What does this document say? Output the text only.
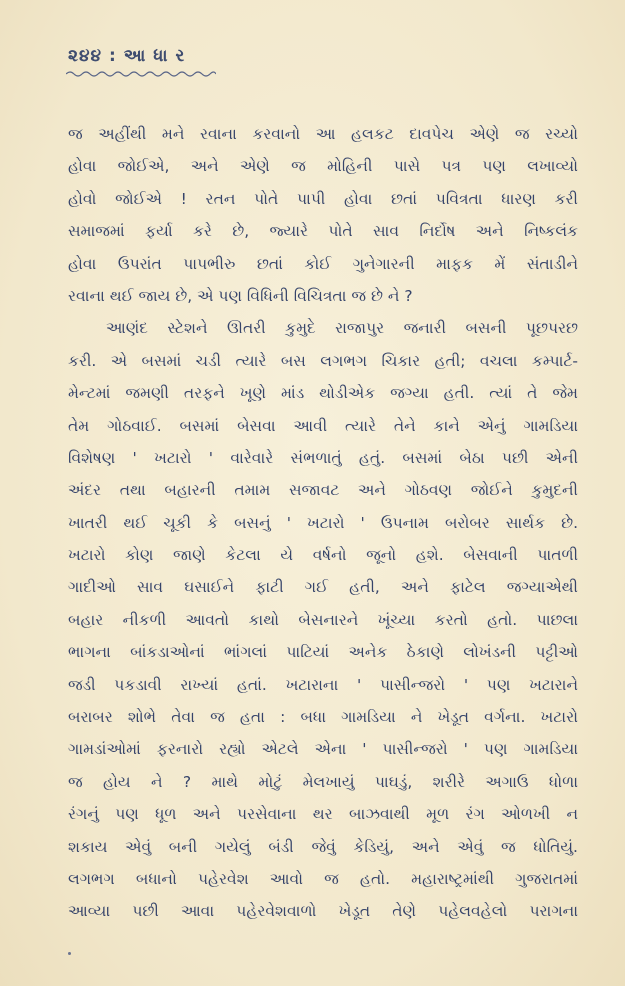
૨૪૪ : આ ધા ર
જ અહીંથી મને રવાના કરવાનો આ હલકટ દાવપેચ એણે જ રચ્યો
હોવા જોઈએ, અને એણે જ મોહિની પાસે પત્ર પણ લખાવ્યો
હોવો જોઈએ ! રતન પોતે પાપી હોવા છતાં પવિત્રતા ધારણ કરી
સમાજમાં ફર્યા કરે છે, જ્યારે પોતે સાવ નિર્દોષ અને નિષ્કલંક
હોવા ઉપરાંત પાપભીરુ છતાં કોઈ ગુનેગારની માફક મેં સંતાડીને
રવાના થઈ જાય છે, એ પણ વિધિની વિચિત્રતા જ છે ને ?
આણંદ સ્ટેશને ઊતરી કુમુદે રાજાપુર જનારી બસની પૂછપરછ
કરી. એ બસમાં ચડી ત્યારે બસ લગભગ ચિકાર હતી; વચલા કમ્પાર્ટ-
મેન્ટમાં જમણી તરફને ખૂણે માંડ થોડીએક જગ્યા હતી. ત્યાં તે જેમ
તેમ ગોઠવાઈ. બસમાં બેસવા આવી ત્યારે તેને કાને એનું ગામડિયા
વિશેષણ ' ખટારો ' વારેવારે સંભળાતું હતું. બસમાં બેઠા પછી એની
અંદર તથા બહારની તમામ સજાવટ અને ગોઠવણ જોઈને કુમુદની
ખાતરી થઈ ચૂકી કે બસનું ' ખટારો ' ઉપનામ બરોબર સાર્થક છે.
ખટારો કોણ જાણે કેટલા યે વર્ષનો જૂનો હશે. બેસવાની પાતળી
ગાદીઓ સાવ ઘસાઈને ફાટી ગઈ હતી, અને ફાટેલ જગ્યાએથી
બહાર નીકળી આવતો કાથો બેસનારને ખૂંચ્યા કરતો હતો. પાછલા
ભાગના બાંકડાઓનાં ભાંગલાં પાટિયાં અનેક ઠેકાણે લોખંડની પટ્ટીઓ
જડી પકડાવી રાખ્યાં હતાં. ખટારાના ' પાસીન્જરો ' પણ ખટારાને
બરાબર શોભે તેવા જ હતા : બધા ગામડિયા ને ખેડૂત વર્ગના. ખટારો
ગામડાંઓમાં ફરનારો રહ્યો એટલે એના ' પાસીન્જરો ' પણ ગામડિયા
જ હોય ને ? માથે મોટું મેલખાયું પાઘડું, શરીરે અગાઉ ધોળા
રંગનું પણ ધૂળ અને પરસેવાના થર બાઝવાથી મૂળ રંગ ઓળખી ન
શકાય એવું બની ગયેલું બંડી જેવું કેડિયું, અને એવું જ ધોતિયું.
લગભગ બધાનો પહેરવેશ આવો જ હતો. મહારાષ્ટ્રમાંથી ગુજરાતમાં
આવ્યા પછી આવા પહેરવેશવાળો ખેડૂત તેણે પહેલવહેલો પરાગના
